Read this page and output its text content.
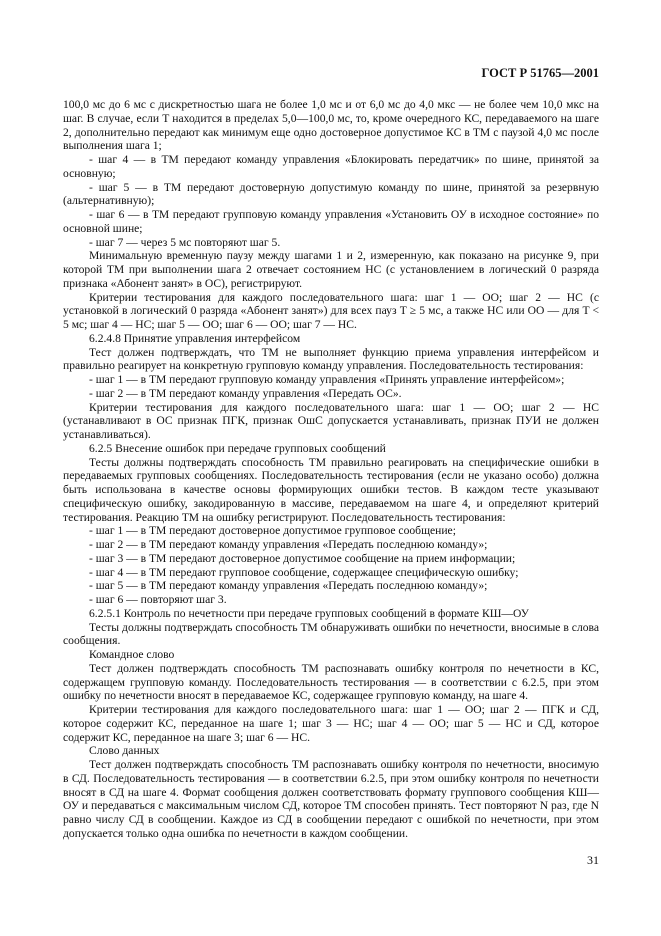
ГОСТ Р 51765—2001

100,0 мс до 6 мс с дискретностью шага не более 1,0 мс и от 6,0 мс до 4,0 мкс — не более чем 10,0 мкс на шаг. В случае, если T находится в пределах 5,0—100,0 мс, то, кроме очередного КС, передаваемого на шаге 2, дополнительно передают как минимум еще одно достоверное допустимое КС в ТМ с паузой 4,0 мс после выполнения шага 1;

- шаг 4 — в ТМ передают команду управления «Блокировать передатчик» по шине, принятой за основную;

- шаг 5 — в ТМ передают достоверную допустимую команду по шине, принятой за резервную (альтернативную);

- шаг 6 — в ТМ передают групповую команду управления «Установить ОУ в исходное состояние» по основной шине;

- шаг 7 — через 5 мс повторяют шаг 5.

Минимальную временную паузу между шагами 1 и 2, измеренную, как показано на рисунке 9, при которой ТМ при выполнении шага 2 отвечает состоянием НС (с установлением в логический 0 разряда признака «Абонент занят» в ОС), регистрируют.

Критерии тестирования для каждого последовательного шага: шаг 1 — ОО; шаг 2 — НС (с установкой в логический 0 разряда «Абонент занят») для всех пауз T ≥ 5 мс, а также НС или ОО — для T < 5 мс; шаг 4 — НС; шаг 5 — ОО; шаг 6 — ОО; шаг 7 — НС.

6.2.4.8 Принятие управления интерфейсом

Тест должен подтверждать, что ТМ не выполняет функцию приема управления интерфейсом и правильно реагирует на конкретную групповую команду управления. Последовательность тестирования:

- шаг 1 — в ТМ передают групповую команду управления «Принять управление интерфейсом»;

- шаг 2 — в ТМ передают команду управления «Передать ОС».

Критерии тестирования для каждого последовательного шага: шаг 1 — ОО; шаг 2 — НС (устанавливают в ОС признак ПГК, признак ОшС допускается устанавливать, признак ПУИ не должен устанавливаться).

6.2.5 Внесение ошибок при передаче групповых сообщений

Тесты должны подтверждать способность ТМ правильно реагировать на специфические ошибки в передаваемых групповых сообщениях. Последовательность тестирования (если не указано особо) должна быть использована в качестве основы формирующих ошибки тестов. В каждом тесте указывают специфическую ошибку, закодированную в массиве, передаваемом на шаге 4, и определяют критерий тестирования. Реакцию ТМ на ошибку регистрируют. Последовательность тестирования:

- шаг 1 — в ТМ передают достоверное допустимое групповое сообщение;

- шаг 2 — в ТМ передают команду управления «Передать последнюю команду»;

- шаг 3 — в ТМ передают достоверное допустимое сообщение на прием информации;

- шаг 4 — в ТМ передают групповое сообщение, содержащее специфическую ошибку;

- шаг 5 — в ТМ передают команду управления «Передать последнюю команду»;

- шаг 6 — повторяют шаг 3.

6.2.5.1 Контроль по нечетности при передаче групповых сообщений в формате КШ—ОУ

Тесты должны подтверждать способность ТМ обнаруживать ошибки по нечетности, вносимые в слова сообщения.

Командное слово

Тест должен подтверждать способность ТМ распознавать ошибку контроля по нечетности в КС, содержащем групповую команду. Последовательность тестирования — в соответствии с 6.2.5, при этом ошибку по нечетности вносят в передаваемое КС, содержащее групповую команду, на шаге 4.

Критерии тестирования для каждого последовательного шага: шаг 1 — ОО; шаг 2 — ПГК и СД, которое содержит КС, переданное на шаге 1; шаг 3 — НС; шаг 4 — ОО; шаг 5 — НС и СД, которое содержит КС, переданное на шаге 3; шаг 6 — НС.

Слово данных

Тест должен подтверждать способность ТМ распознавать ошибку контроля по нечетности, вносимую в СД. Последовательность тестирования — в соответствии 6.2.5, при этом ошибку контроля по нечетности вносят в СД на шаге 4. Формат сообщения должен соответствовать формату группового сообщения КШ—ОУ и передаваться с максимальным числом СД, которое ТМ способен принять. Тест повторяют N раз, где N равно числу СД в сообщении. Каждое из СД в сообщении передают с ошибкой по нечетности, при этом допускается только одна ошибка по нечетности в каждом сообщении.

31
